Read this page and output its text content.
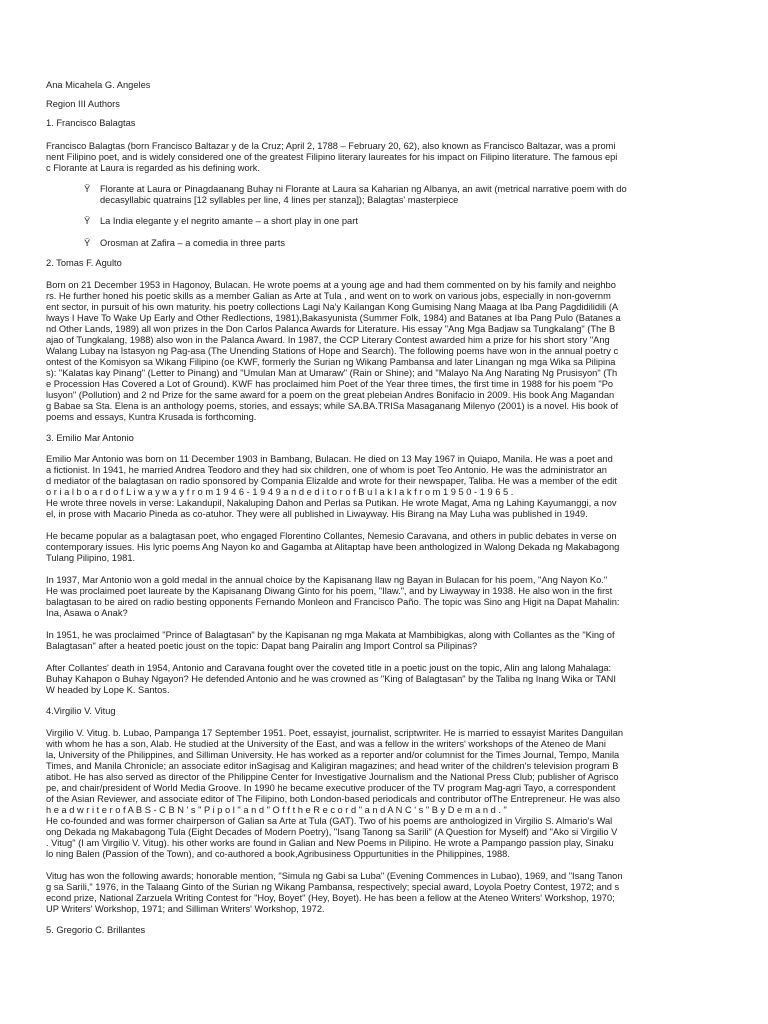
Ana Micahela G. Angeles
Region III Authors
1. Francisco Balagtas
Francisco Balagtas (born Francisco Baltazar y de la Cruz; April 2, 1788 – February 20, 62), also known as Francisco Baltazar, was a promi
nent Filipino poet, and is widely considered one of the greatest Filipino literary laureates for his impact on Filipino literature. The famous epi
c Florante at Laura is regarded as his defining work.
Ÿ Florante at Laura or Pinagdaanang Buhay ni Florante at Laura sa Kaharian ng Albanya, an awit (metrical narrative poem with do
decasyllabic quatrains [12 syllables per line, 4 lines per stanza]); Balagtas' masterpiece
Ÿ La India elegante y el negrito amante – a short play in one part
Ÿ Orosman at Zafira – a comedia in three parts
2. Tomas F. Agulto
Born on 21 December 1953 in Hagonoy, Bulacan. He wrote poems at a young age and had them commented on by his family and neighbo
rs. He further honed his poetic skills as a member Galian as Arte at Tula , and went on to work on various jobs, especially in non-governm
ent sector, in pursuit of his own maturity. his poetry collections Lagi Na'y Kailangan Kong Gumising Nang Maaga at Iba Pang Pagdidilidili (A
lways I Have To Wake Up Early and Other Redlections, 1981),Bakasyunista (Summer Folk, 1984) and Batanes at Iba Pang Pulo (Batanes a
nd Other Lands, 1989) all won prizes in the Don Carlos Palanca Awards for Literature. His essay "Ang Mga Badjaw sa Tungkalang" (The B
ajao of Tungkalang, 1988) also won in the Palanca Award. In 1987, the CCP Literary Contest awarded him a prize for his short story "Ang
Walang Lubay na Istasyon ng Pag-asa (The Unending Stations of Hope and Search). The following poems have won in the annual poetry c
ontest of the Komisyon sa Wikang Filipino (oe KWF, formerly the Surian ng Wikang Pambansa and later Linangan ng mga Wika sa Pilipina
s): "Kalatas kay Pinang" (Letter to Pinang) and "Umulan Man at Umaraw" (Rain or Shine); and "Malayo Na Ang Narating Ng Prusisyon" (Th
e Procession Has Covered a Lot of Ground). KWF has proclaimed him Poet of the Year three times, the first time in 1988 for his poem "Po
lusyon" (Pollution) and 2 nd Prize for the same award for a poem on the great plebeian Andres Bonifacio in 2009. His book Ang Magandan
g Babae sa Sta. Elena is an anthology poems, stories, and essays; while SA.BA.TRISa Masaganang Milenyo (2001) is a novel. His book of
poems and essays, Kuntra Krusada is forthcoming.
3. Emilio Mar Antonio
Emilio Mar Antonio was born on 11 December 1903 in Bambang, Bulacan. He died on 13 May 1967 in Quiapo, Manila. He was a poet and
a fictionist. In 1941, he married Andrea Teodoro and they had six children, one of whom is poet Teo Antonio. He was the administrator an
d mediator of the balagtasan on radio sponsored by Compania Elizalde and wrote for their newspaper, Taliba. He was a member of the edit
o r i a l b o a r d o f L i w a y w a y f r o m 1 9 4 6 - 1 9 4 9 a n d e d i t o r o f B u l a k l a k f r o m 1 9 5 0 - 1 9 6 5 .
He wrote three novels in verse: Lakandupil, Nakaluping Dahon and Perlas sa Putikan. He wrote Magat, Ama ng Lahing Kayumanggi, a nov
el, in prose with Macario Pineda as co-atuhor. They were all published in Liwayway. His Birang na May Luha was published in 1949.
He became popular as a balagtasan poet, who engaged Florentino Collantes, Nemesio Caravana, and others in public debates in verse on
contemporary issues. His lyric poems Ang Nayon ko and Gagamba at Alitaptap have been anthologized in Walong Dekada ng Makabagong
Tulang Pilipino, 1981.
In 1937, Mar Antonio won a gold medal in the annual choice by the Kapisanang Ilaw ng Bayan in Bulacan for his poem, "Ang Nayon Ko."
He was proclaimed poet laureate by the Kapisanang Diwang Ginto for his poem, "Ilaw.", and by Liwayway in 1938. He also won in the first
balagtasan to be aired on radio besting opponents Fernando Monleon and Francisco Paño. The topic was Sino ang Higit na Dapat Mahalin:
Ina, Asawa o Anak?
In 1951, he was proclaimed "Prince of Balagtasan" by the Kapisanan ng mga Makata at Mambibigkas, along with Collantes as the "King of
Balagtasan" after a heated poetic joust on the topic: Dapat bang Pairalin ang Import Control sa Pilipinas?
After Collantes' death in 1954, Antonio and Caravana fought over the coveted title in a poetic joust on the topic, Alin ang lalong Mahalaga:
Buhay Kahapon o Buhay Ngayon? He defended Antonio and he was crowned as "King of Balagtasan" by the Taliba ng Inang Wika or TANI
W headed by Lope K. Santos.
4.Virgilio V. Vitug
Virgilio V. Vitug. b. Lubao, Pampanga 17 September 1951. Poet, essayist, journalist, scriptwriter. He is married to essayist Marites Danguilan
with whom he has a son, Alab. He studied at the University of the East, and was a fellow in the writers' workshops of the Ateneo de Mani
la, University of the Philippines, and Silliman University. He has worked as a reporter and/or columnist for the Times Journal, Tempo, Manila
Times, and Manila Chronicle; an associate editor inSagisag and Kaligiran magazines; and head writer of the children's television program B
atibot. He has also served as director of the Philippine Center for Investigative Journalism and the National Press Club; publisher of Agrisco
pe, and chair/president of World Media Groove. In 1990 he became executive producer of the TV program Mag-agri Tayo, a correspondent
of the Asian Reviewer, and associate editor of The Filipino, both London-based periodicals and contributor ofThe Entrepreneur. He was also
h e a d w r i t e r o f A B S - C B N ' s " P i p o l " a n d " O f f t h e R e c o r d " a n d A N C ' s " B y D e m a n d . "
He co-founded and was former chairperson of Galian sa Arte at Tula (GAT). Two of his poems are anthologized in Virgilio S. Almario's Wal
ong Dekada ng Makabagong Tula (Eight Decades of Modern Poetry), "Isang Tanong sa Sarili" (A Question for Myself) and "Ako si Virgilio V
. Vitug" (I am Virgilio V. Vitug). his other works are found in Galian and New Poems in Pilipino. He wrote a Pampango passion play, Sinaku
lo ning Balen (Passion of the Town), and co-authored a book,Agribusiness Oppurtunities in the Philippines, 1988.
Vitug has won the following awards; honorable mention, "Simula ng Gabi sa Luba" (Evening Commences in Lubao), 1969, and "Isang Tanon
g sa Sarili," 1976, in the Talaang Ginto of the Surian ng Wikang Pambansa, respectively; special award, Loyola Poetry Contest, 1972; and s
econd prize, National Zarzuela Writing Contest for "Hoy, Boyet" (Hey, Boyet). He has been a fellow at the Ateneo Writers' Workshop, 1970;
UP Writers' Workshop, 1971; and Silliman Writers' Workshop, 1972.
5. Gregorio C. Brillantes
